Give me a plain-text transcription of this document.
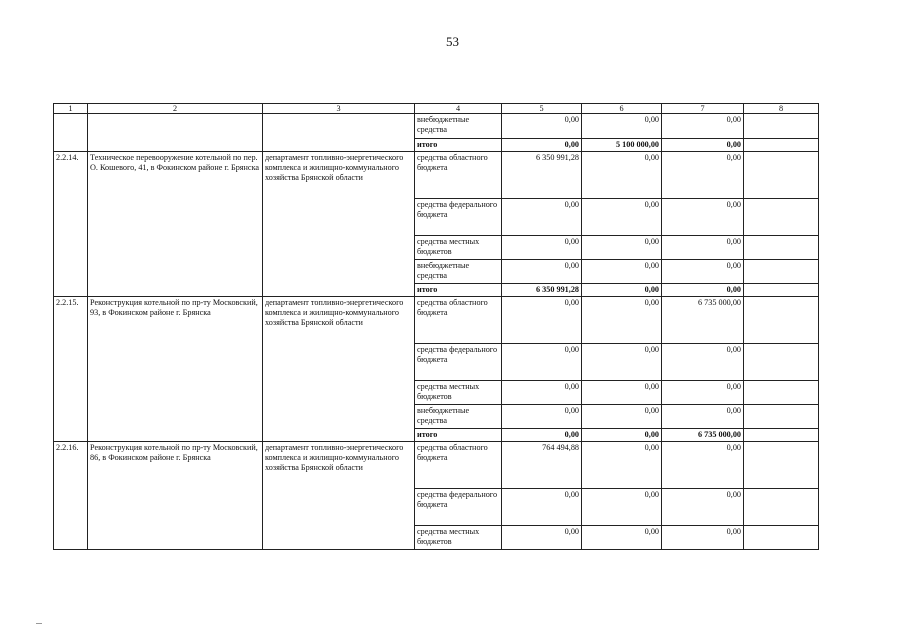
53
1	2	3	4	5	6	7	8
			внебюджетные средства	0,00	0,00	0,00	
			итого	0,00	5 100 000,00	0,00	
2.2.14.	Техническое перевооружение котельной по пер. О. Кошевого, 41, в Фокинском районе г. Брянска	департамент топливно-энергетического комплекса и жилищно-коммунального хозяйства Брянской области	средства областного бюджета	6 350 991,28	0,00	0,00	
			средства федерального бюджета	0,00	0,00	0,00	
			средства местных бюджетов	0,00	0,00	0,00	
			внебюджетные средства	0,00	0,00	0,00	
			итого	6 350 991,28	0,00	0,00	
2.2.15.	Реконструкция котельной по пр-ту Московский, 93, в Фокинском районе г. Брянска	департамент топливно-энергетического комплекса и жилищно-коммунального хозяйства Брянской области	средства областного бюджета	0,00	0,00	6 735 000,00	
			средства федерального бюджета	0,00	0,00	0,00	
			средства местных бюджетов	0,00	0,00	0,00	
			внебюджетные средства	0,00	0,00	0,00	
			итого	0,00	0,00	6 735 000,00	
2.2.16.	Реконструкция котельной по пр-ту Московский, 86, в Фокинском районе г. Брянска	департамент топливно-энергетического комплекса и жилищно-коммунального хозяйства Брянской области	средства областного бюджета	764 494,88	0,00	0,00	
			средства федерального бюджета	0,00	0,00	0,00	
			средства местных бюджетов	0,00	0,00	0,00	
